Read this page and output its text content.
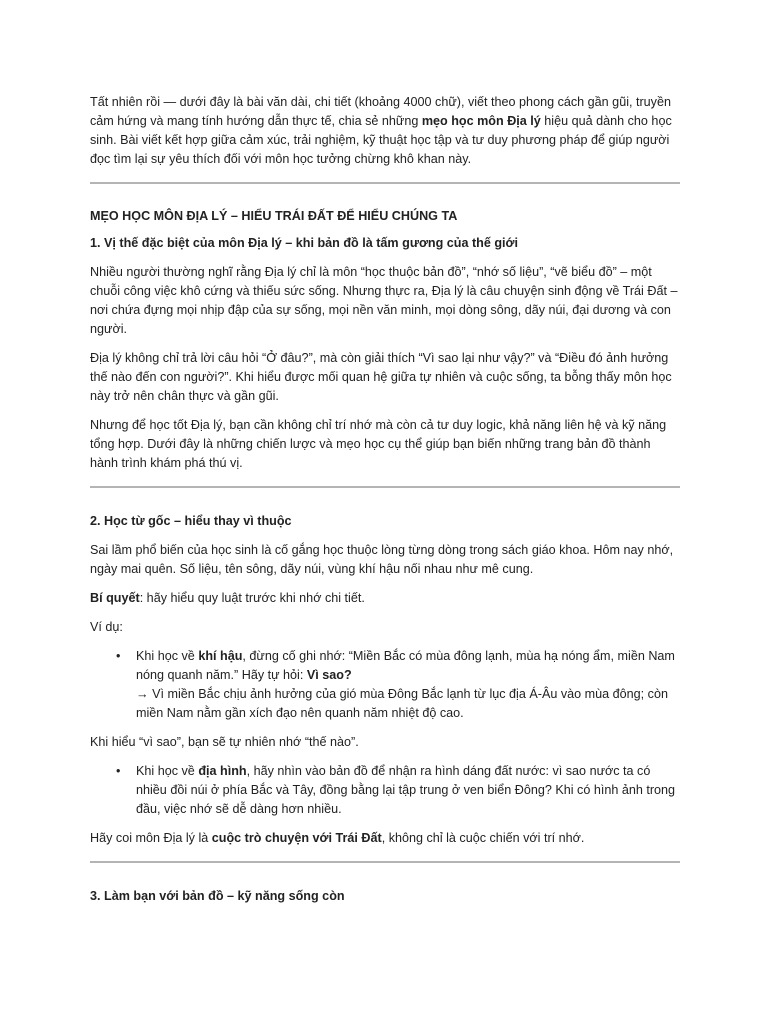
Tất nhiên rồi — dưới đây là bài văn dài, chi tiết (khoảng 4000 chữ), viết theo phong cách gần gũi, truyền cảm hứng và mang tính hướng dẫn thực tế, chia sẻ những mẹo học môn Địa lý hiệu quả dành cho học sinh. Bài viết kết hợp giữa cảm xúc, trải nghiệm, kỹ thuật học tập và tư duy phương pháp để giúp người đọc tìm lại sự yêu thích đối với môn học tưởng chừng khô khan này.

MẸO HỌC MÔN ĐỊA LÝ – HIỂU TRÁI ĐẤT ĐỂ HIỂU CHÚNG TA

1. Vị thế đặc biệt của môn Địa lý – khi bản đồ là tấm gương của thế giới

Nhiều người thường nghĩ rằng Địa lý chỉ là môn “học thuộc bản đồ”, “nhớ số liệu”, “vẽ biểu đồ” – một chuỗi công việc khô cứng và thiếu sức sống. Nhưng thực ra, Địa lý là câu chuyện sinh động về Trái Đất – nơi chứa đựng mọi nhịp đập của sự sống, mọi nền văn minh, mọi dòng sông, dãy núi, đại dương và con người.

Địa lý không chỉ trả lời câu hỏi “Ở đâu?”, mà còn giải thích “Vì sao lại như vậy?” và “Điều đó ảnh hưởng thế nào đến con người?”. Khi hiểu được mối quan hệ giữa tự nhiên và cuộc sống, ta bỗng thấy môn học này trở nên chân thực và gần gũi.

Nhưng để học tốt Địa lý, bạn cần không chỉ trí nhớ mà còn cả tư duy logic, khả năng liên hệ và kỹ năng tổng hợp. Dưới đây là những chiến lược và mẹo học cụ thể giúp bạn biến những trang bản đồ thành hành trình khám phá thú vị.

2. Học từ gốc – hiểu thay vì thuộc

Sai lầm phổ biến của học sinh là cố gắng học thuộc lòng từng dòng trong sách giáo khoa. Hôm nay nhớ, ngày mai quên. Số liệu, tên sông, dãy núi, vùng khí hậu nối nhau như mê cung.

Bí quyết: hãy hiểu quy luật trước khi nhớ chi tiết.

Ví dụ:

• Khi học về khí hậu, đừng cố ghi nhớ: “Miền Bắc có mùa đông lạnh, mùa hạ nóng ẩm, miền Nam nóng quanh năm.” Hãy tự hỏi: Vì sao?
→ Vì miền Bắc chịu ảnh hưởng của gió mùa Đông Bắc lạnh từ lục địa Á-Âu vào mùa đông; còn miền Nam nằm gần xích đạo nên quanh năm nhiệt độ cao.

Khi hiểu “vì sao”, bạn sẽ tự nhiên nhớ “thế nào”.

• Khi học về địa hình, hãy nhìn vào bản đồ để nhận ra hình dáng đất nước: vì sao nước ta có nhiều đồi núi ở phía Bắc và Tây, đồng bằng lại tập trung ở ven biển Đông? Khi có hình ảnh trong đầu, việc nhớ sẽ dễ dàng hơn nhiều.

Hãy coi môn Địa lý là cuộc trò chuyện với Trái Đất, không chỉ là cuộc chiến với trí nhớ.

3. Làm bạn với bản đồ – kỹ năng sống còn
